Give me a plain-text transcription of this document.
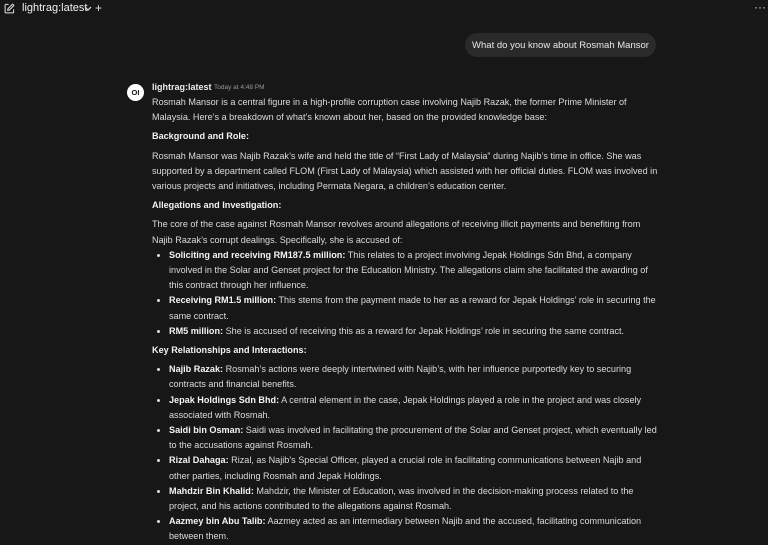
lightrag:latest +	···
What do you know about Rosmah Mansor
OI
lightrag:latest Today at 4:48 PM

Rosmah Mansor is a central figure in a high-profile corruption case involving Najib Razak, the former Prime Minister of Malaysia. Here’s a breakdown of what’s known about her, based on the provided knowledge base:

Background and Role:

Rosmah Mansor was Najib Razak’s wife and held the title of “First Lady of Malaysia” during Najib’s time in office. She was supported by a department called FLOM (First Lady of Malaysia) which assisted with her official duties. FLOM was involved in various projects and initiatives, including Permata Negara, a children’s education center.

Allegations and Investigation:

The core of the case against Rosmah Mansor revolves around allegations of receiving illicit payments and benefiting from Najib Razak’s corrupt dealings. Specifically, she is accused of:

• Soliciting and receiving RM187.5 million: This relates to a project involving Jepak Holdings Sdn Bhd, a company involved in the Solar and Genset project for the Education Ministry. The allegations claim she facilitated the awarding of this contract through her influence.
• Receiving RM1.5 million: This stems from the payment made to her as a reward for Jepak Holdings’ role in securing the same contract.
• RM5 million: She is accused of receiving this as a reward for Jepak Holdings’ role in securing the same contract.

Key Relationships and Interactions:

• Najib Razak: Rosmah’s actions were deeply intertwined with Najib’s, with her influence purportedly key to securing contracts and financial benefits.
• Jepak Holdings Sdn Bhd: A central element in the case, Jepak Holdings played a role in the project and was closely associated with Rosmah.
• Saidi bin Osman: Saidi was involved in facilitating the procurement of the Solar and Genset project, which eventually led to the accusations against Rosmah.
• Rizal Dahaga: Rizal, as Najib’s Special Officer, played a crucial role in facilitating communications between Najib and other parties, including Rosmah and Jepak Holdings.
• Mahdzir Bin Khalid: Mahdzir, the Minister of Education, was involved in the decision-making process related to the project, and his actions contributed to the allegations against Rosmah.
• Aazmey bin Abu Talib: Aazmey acted as an intermediary between Najib and the accused, facilitating communication between them.
